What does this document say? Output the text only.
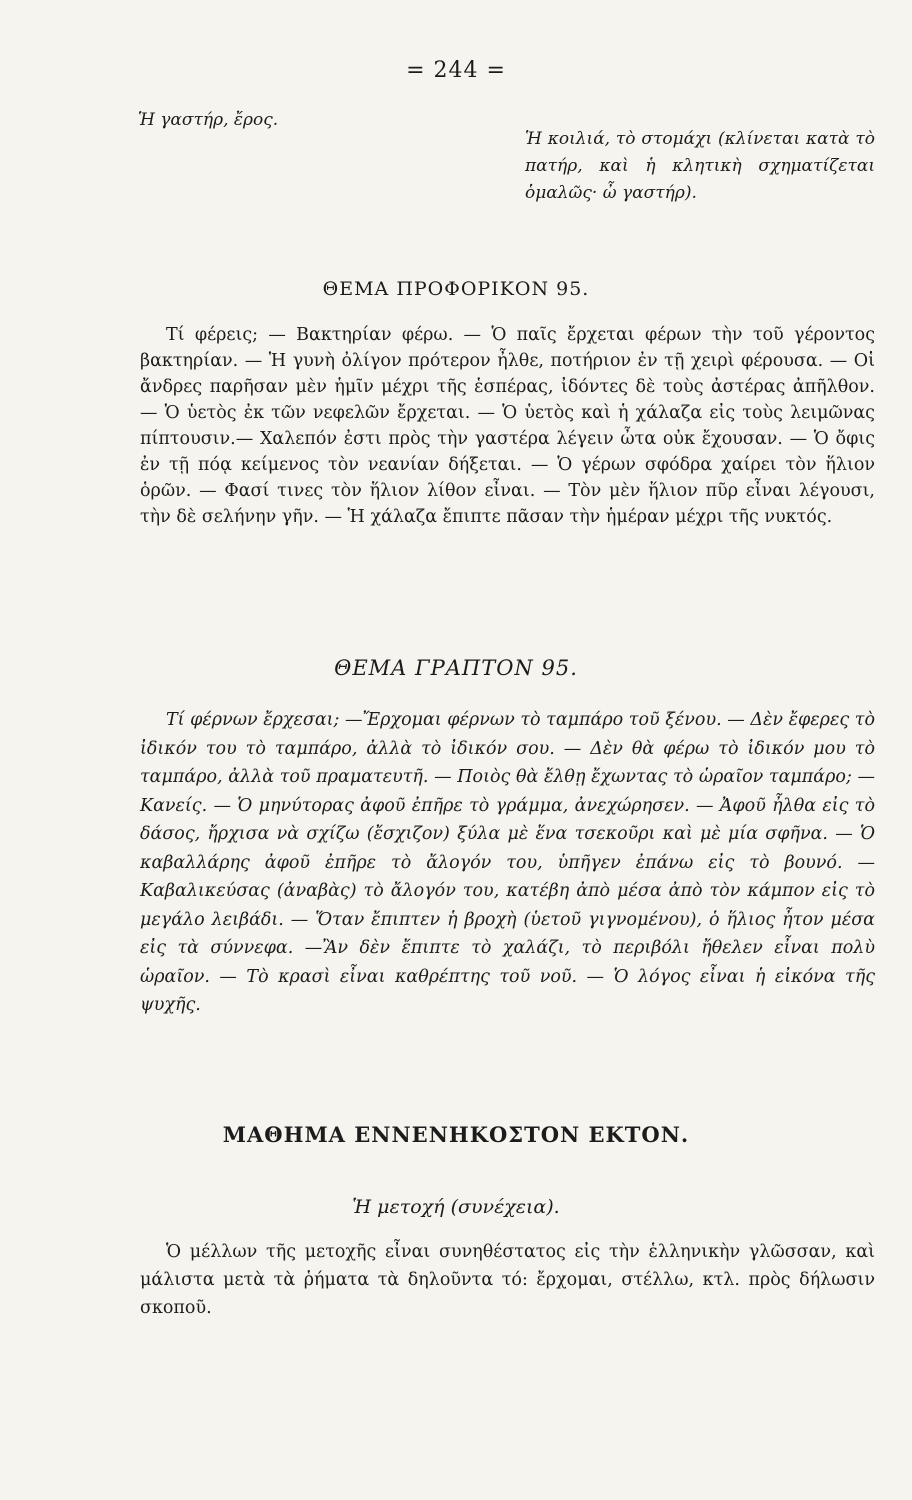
= 244 =
Ἡ γαστήρ, ἔρος.
Ἡ κοιλιά, τὸ στομάχι (κλίνεται κατὰ τὸ πατήρ, καὶ ἡ κλητικὴ σχηματίζεται ὁμαλῶς· ὦ γαστήρ).
ΘΕΜΑ ΠΡΟΦΟΡΙΚΟΝ 95.

Τί φέρεις; — Βακτηρίαν φέρω. — Ὁ παῖς ἔρχεται φέρων τὴν τοῦ γέροντος βακτηρίαν. — Ἡ γυνὴ ὀλίγον πρότερον ἦλθε, ποτήριον ἐν τῇ χειρὶ φέρουσα. — Οἱ ἄνδρες παρῆσαν μὲν ἡμῖν μέχρι τῆς ἑσπέρας, ἰδόντες δὲ τοὺς ἀστέρας ἀπῆλθον. — Ὁ ὑετὸς ἐκ τῶν νεφελῶν ἔρχεται. — Ὁ ὑετὸς καὶ ἡ χάλαζα εἰς τοὺς λειμῶνας πίπτουσιν.— Χαλεπόν ἐστι πρὸς τὴν γαστέρα λέγειν ὦτα οὐκ ἔχουσαν. — Ὁ ὄφις ἐν τῇ πόᾳ κείμενος τὸν νεανίαν δήξεται. — Ὁ γέρων σφόδρα χαίρει τὸν ἥλιον ὁρῶν. — Φασί τινες τὸν ἥλιον λίθον εἶναι. — Τὸν μὲν ἥλιον πῦρ εἶναι λέγουσι, τὴν δὲ σελήνην γῆν. — Ἡ χάλαζα ἔπιπτε πᾶσαν τὴν ἡμέραν μέχρι τῆς νυκτός.

ΘΕΜΑ ΓΡΑΠΤΟΝ 95.

Τί φέρνων ἔρχεσαι; —Ἔρχομαι φέρνων τὸ ταμπάρο τοῦ ξένου. — Δὲν ἔφερες τὸ ἰδικόν του τὸ ταμπάρο, ἀλλὰ τὸ ἰδικόν σου. — Δὲν θὰ φέρω τὸ ἰδικόν μου τὸ ταμπάρο, ἀλλὰ τοῦ πραματευτῆ. — Ποιὸς θὰ ἔλθῃ ἔχωντας τὸ ὡραῖον ταμπάρο; — Κανείς. — Ὁ μηνύτορας ἀφοῦ ἐπῆρε τὸ γράμμα, ἀνεχώρησεν. — Ἀφοῦ ἦλθα εἰς τὸ δάσος, ἤρχισα νὰ σχίζω (ἔσχιζον) ξύλα μὲ ἕνα τσεκοῦρι καὶ μὲ μία σφῆνα. — Ὁ καβαλλάρης ἀφοῦ ἐπῆρε τὸ ἄλογόν του, ὑπῆγεν ἐπάνω εἰς τὸ βουνό. —Καβαλικεύσας (ἀναβὰς) τὸ ἄλογόν του, κατέβη ἀπὸ μέσα ἀπὸ τὸν κάμπον εἰς τὸ μεγάλο λειβάδι. — Ὅταν ἔπιπτεν ἡ βροχὴ (ὑετοῦ γιγνομένου), ὁ ἥλιος ἦτον μέσα εἰς τὰ σύννεφα. —Ἂν δὲν ἔπιπτε τὸ χαλάζι, τὸ περιβόλι ἤθελεν εἶναι πολὺ ὡραῖον. — Τὸ κρασὶ εἶναι καθρέπτης τοῦ νοῦ. — Ὁ λόγος εἶναι ἡ εἰκόνα τῆς ψυχῆς.

ΜΑΘΗΜΑ ΕΝΝΕΝΗΚΟΣΤΟΝ ΕΚΤΟΝ.
Ἡ μετοχή (συνέχεια).

Ὁ μέλλων τῆς μετοχῆς εἶναι συνηθέστατος εἰς τὴν ἑλληνικὴν γλῶσσαν, καὶ μάλιστα μετὰ τὰ ῥήματα τὰ δηλοῦντα τό: ἔρχομαι, στέλλω, κτλ. πρὸς δήλωσιν σκοποῦ.
